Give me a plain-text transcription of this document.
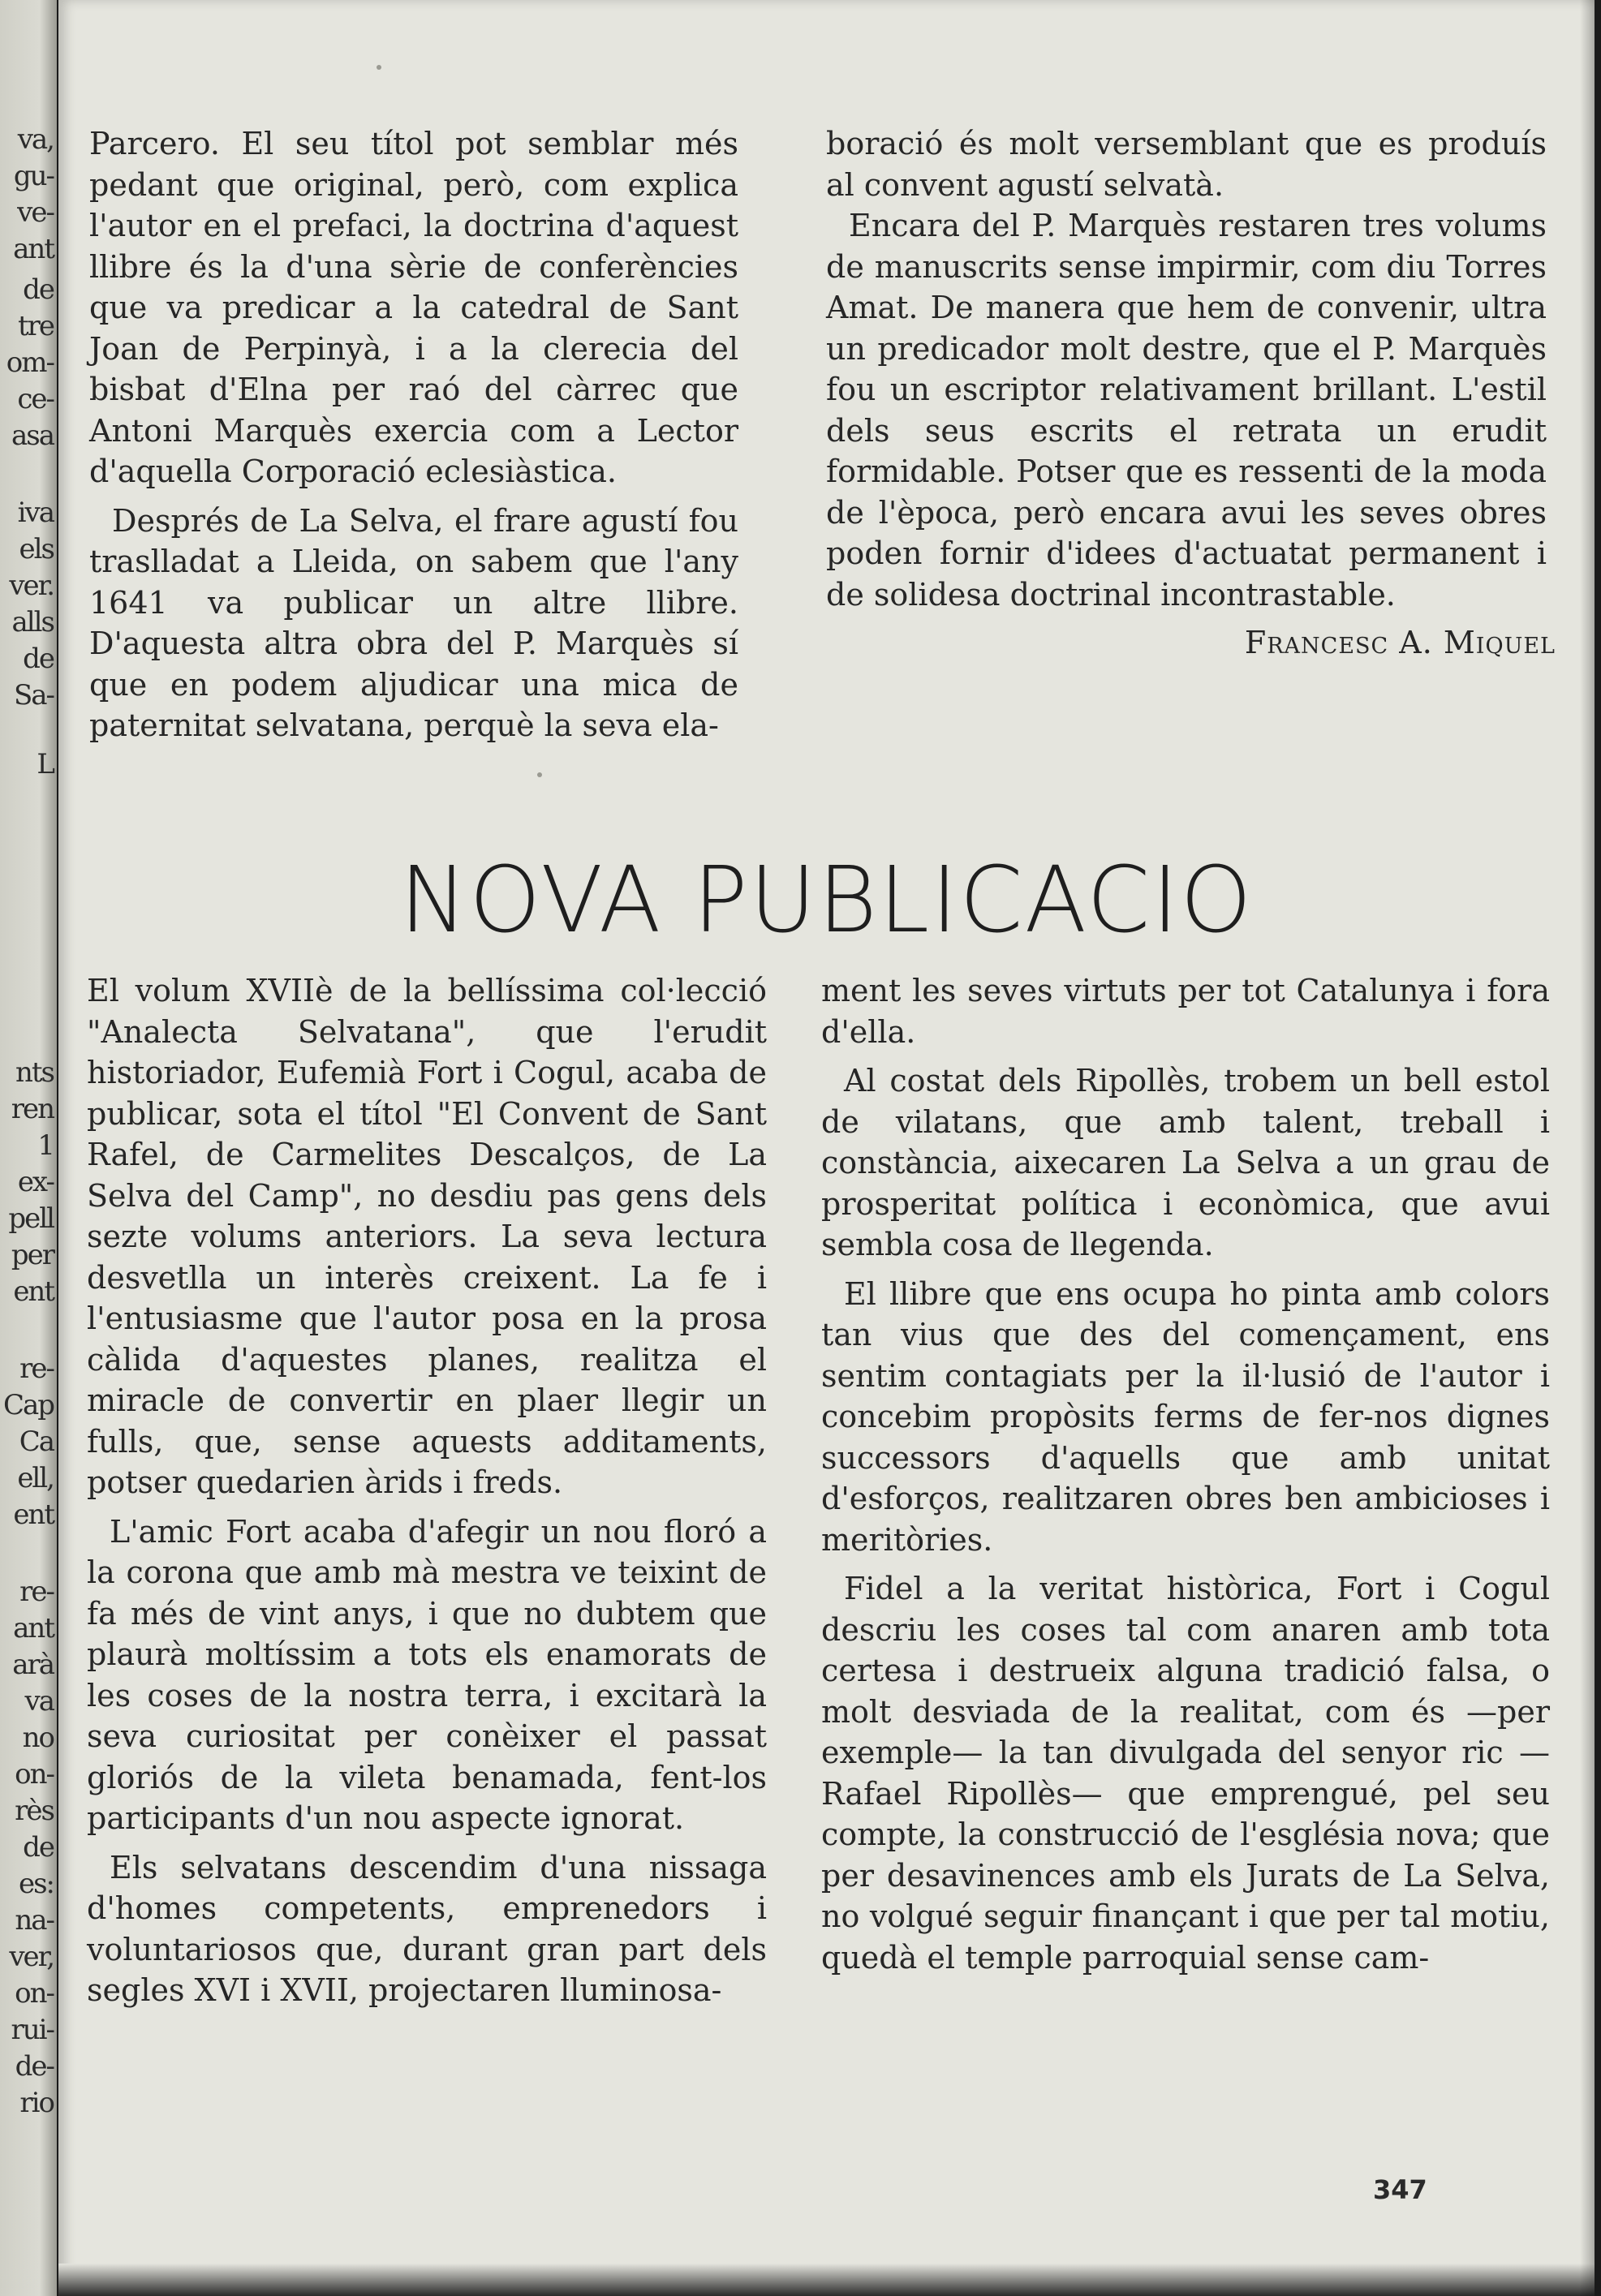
va,
gu-
ve-
ant
de
tre
om-
ce-
asa
iva
els
ver.
alls
de
Sa-
L
nts
ren
1
ex-
pell
per
ent
re-
Cap
Ca
ell,
ent
re-
ant
arà
va
no
on-
rès
de
es:
na-
ver,
on-
rui-
de-
rio

Parcero. El seu títol pot semblar més pedant que original, però, com explica l'autor en el prefaci, la doctrina d'aquest llibre és la d'una sèrie de conferències que va predicar a la catedral de Sant Joan de Perpinyà, i a la clerecia del bisbat d'Elna per raó del càrrec que Antoni Marquès exercia com a Lector d'aquella Corporació eclesiàstica.

Després de La Selva, el frare agustí fou traslladat a Lleida, on sabem que l'any 1641 va publicar un altre llibre. D'aquesta altra obra del P. Marquès sí que en podem aljudicar una mica de paternitat selvatana, perquè la seva ela-

boració és molt versemblant que es produís al convent agustí selvatà.

Encara del P. Marquès restaren tres volums de manuscrits sense impirmir, com diu Torres Amat. De manera que hem de convenir, ultra un predicador molt destre, que el P. Marquès fou un escriptor relativament brillant. L'estil dels seus escrits el retrata un erudit formidable. Potser que es ressenti de la moda de l'època, però encara avui les seves obres poden fornir d'idees d'actuatat permanent i de solidesa doctrinal incontrastable.

Francesc A. Miquel
NOVA PUBLICACIO

El volum XVIIè de la bellíssima col·lecció "Analecta Selvatana", que l'erudit historiador, Eufemià Fort i Cogul, acaba de publicar, sota el títol "El Convent de Sant Rafel, de Carmelites Descalços, de La Selva del Camp", no desdiu pas gens dels sezte volums anteriors. La seva lectura desvetlla un interès creixent. La fe i l'entusiasme que l'autor posa en la prosa càlida d'aquestes planes, realitza el miracle de convertir en plaer llegir un fulls, que, sense aquests additaments, potser quedarien àrids i freds.

L'amic Fort acaba d'afegir un nou floró a la corona que amb mà mestra ve teixint de fa més de vint anys, i que no dubtem que plaurà moltíssim a tots els enamorats de les coses de la nostra terra, i excitarà la seva curiositat per conèixer el passat gloriós de la vileta benamada, fent-los participants d'un nou aspecte ignorat.

Els selvatans descendim d'una nissaga d'homes competents, emprenedors i voluntariosos que, durant gran part dels segles XVI i XVII, projectaren lluminosa-

ment les seves virtuts per tot Catalunya i fora d'ella.

Al costat dels Ripollès, trobem un bell estol de vilatans, que amb talent, treball i constància, aixecaren La Selva a un grau de prosperitat política i econòmica, que avui sembla cosa de llegenda.

El llibre que ens ocupa ho pinta amb colors tan vius que des del començament, ens sentim contagiats per la il·lusió de l'autor i concebim propòsits ferms de fer-nos dignes successors d'aquells que amb unitat d'esforços, realitzaren obres ben ambicioses i meritòries.

Fidel a la veritat històrica, Fort i Cogul descriu les coses tal com anaren amb tota certesa i destrueix alguna tradició falsa, o molt desviada de la realitat, com és —per exemple— la tan divulgada del senyor ric —Rafael Ripollès— que emprengué, pel seu compte, la construcció de l'església nova; que per desavinences amb els Jurats de La Selva, no volgué seguir finançant i que per tal motiu, quedà el temple parroquial sense cam-

347
